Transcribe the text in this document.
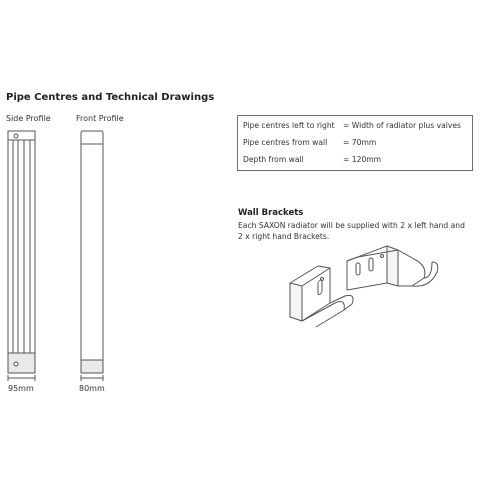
Pipe Centres and Technical Drawings
Side Profile	Front Profile
95mm	80mm
Pipe centres left to right = Width of radiator plus valves
Pipe centres from wall = 70mm
Depth from wall	= 120mm
Wall Brackets
Each SAXON radiator will be supplied with 2 x left hand and
2 x right hand Brackets.
